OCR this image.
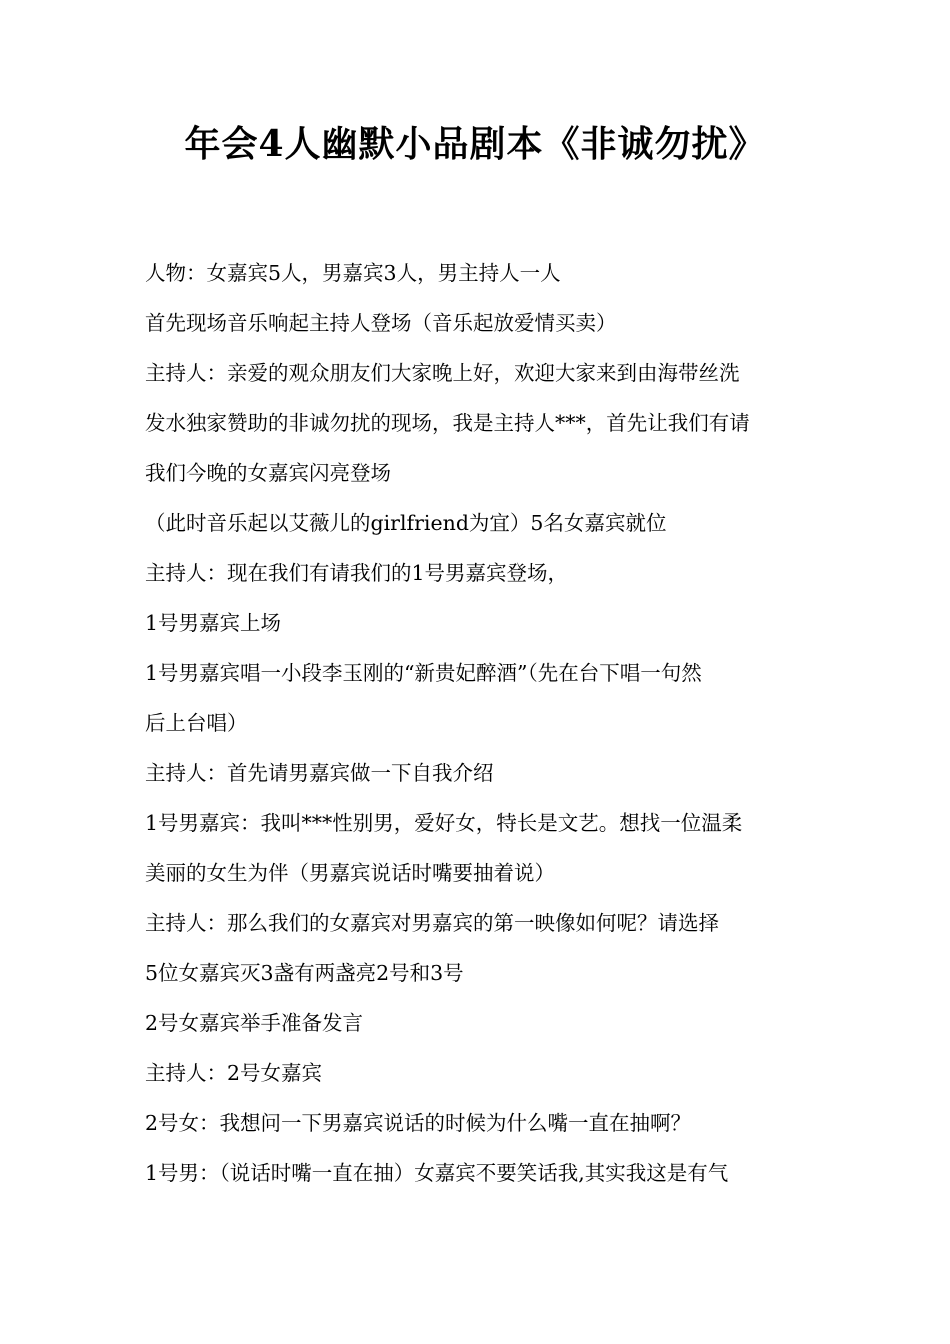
年会4人幽默小品剧本《非诚勿扰》

人物：女嘉宾5人，男嘉宾3人，男主持人一人

首先现场音乐响起主持人登场（音乐起放爱情买卖）

主持人：亲爱的观众朋友们大家晚上好，欢迎大家来到由海带丝洗

发水独家赞助的非诚勿扰的现场，我是主持人***，首先让我们有请

我们今晚的女嘉宾闪亮登场

（此时音乐起以艾薇儿的girlfriend为宜）5名女嘉宾就位

主持人：现在我们有请我们的1号男嘉宾登场，

1号男嘉宾上场

1号男嘉宾唱一小段李玉刚的“新贵妃醉酒”（先在台下唱一句然

后上台唱）

主持人：首先请男嘉宾做一下自我介绍

1号男嘉宾：我叫***性别男，爱好女，特长是文艺。想找一位温柔

美丽的女生为伴（男嘉宾说话时嘴要抽着说）

主持人：那么我们的女嘉宾对男嘉宾的第一映像如何呢？请选择

5位女嘉宾灭3盏有两盏亮2号和3号

2号女嘉宾举手准备发言

主持人：2号女嘉宾

2号女：我想问一下男嘉宾说话的时候为什么嘴一直在抽啊？

1号男：（说话时嘴一直在抽）女嘉宾不要笑话我,其实我这是有气
